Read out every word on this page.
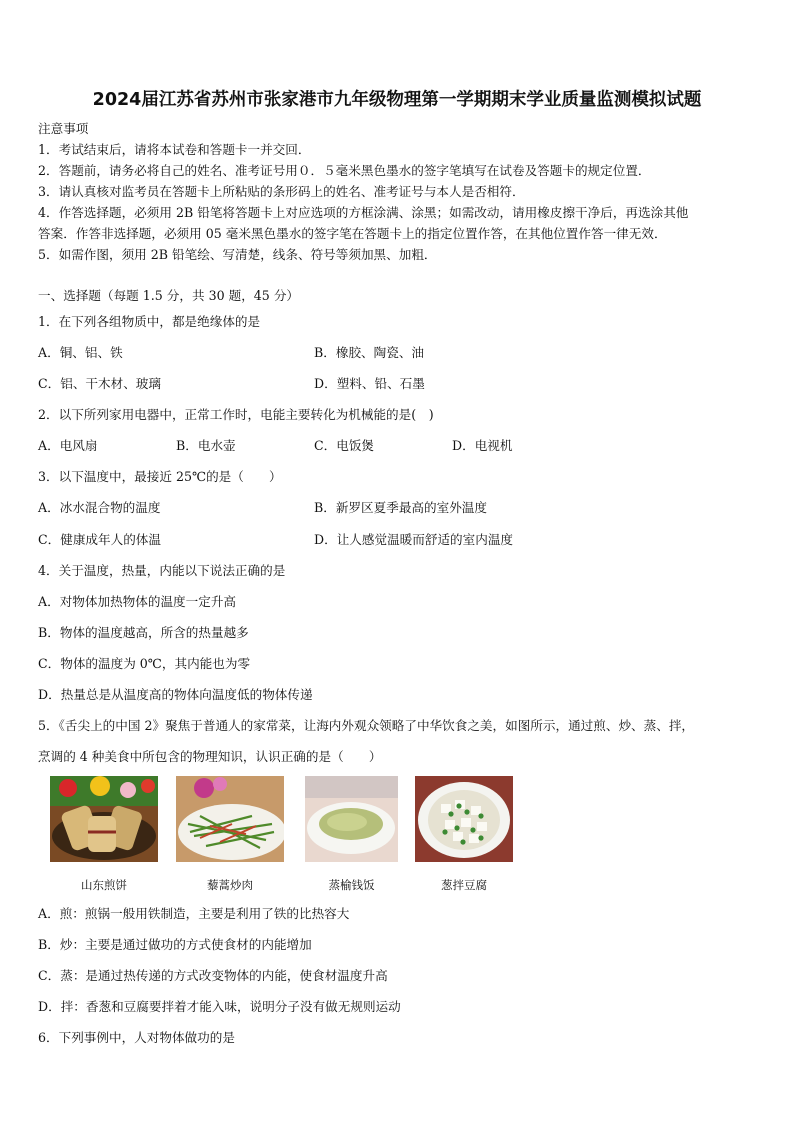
2024届江苏省苏州市张家港市九年级物理第一学期期末学业质量监测模拟试题
注意事项
1．考试结束后，请将本试卷和答题卡一并交回．
2．答题前，请务必将自己的姓名、准考证号用０．５毫米黑色墨水的签字笔填写在试卷及答题卡的规定位置．
3．请认真核对监考员在答题卡上所粘贴的条形码上的姓名、准考证号与本人是否相符．
4．作答选择题，必须用 2B 铅笔将答题卡上对应选项的方框涂满、涂黑；如需改动，请用橡皮擦干净后，再选涂其他
答案．作答非选择题，必须用 05 毫米黑色墨水的签字笔在答题卡上的指定位置作答，在其他位置作答一律无效．
5．如需作图，须用 2B 铅笔绘、写清楚，线条、符号等须加黑、加粗．
一、选择题（每题 1.5 分，共 30 题，45 分）
1．在下列各组物质中，都是绝缘体的是
A．铜、铝、铁	B．橡胶、陶瓷、油
C．铝、干木材、玻璃	D．塑料、铅、石墨
2．以下所列家用电器中，正常工作时，电能主要转化为机械能的是(　)
A．电风扇	B．电水壶	C．电饭煲	D．电视机
3．以下温度中，最接近 25℃的是（　　）
A．冰水混合物的温度	B．新罗区夏季最高的室外温度
C．健康成年人的体温	D．让人感觉温暖而舒适的室内温度
4．关于温度，热量，内能以下说法正确的是
A．对物体加热物体的温度一定升高
B．物体的温度越高，所含的热量越多
C．物体的温度为 0℃，其内能也为零
D．热量总是从温度高的物体向温度低的物体传递
5．《舌尖上的中国 2》聚焦于普通人的家常菜，让海内外观众领略了中华饮食之美，如图所示，通过煎、炒、蒸、拌，
烹调的 4 种美食中所包含的物理知识，认识正确的是（　　）
山东煎饼	藜蒿炒肉	蒸榆钱饭	葱拌豆腐
A．煎：煎锅一般用铁制造，主要是利用了铁的比热容大
B．炒：主要是通过做功的方式使食材的内能增加
C．蒸：是通过热传递的方式改变物体的内能，使食材温度升高
D．拌：香葱和豆腐要拌着才能入味，说明分子没有做无规则运动
6．下列事例中，人对物体做功的是
